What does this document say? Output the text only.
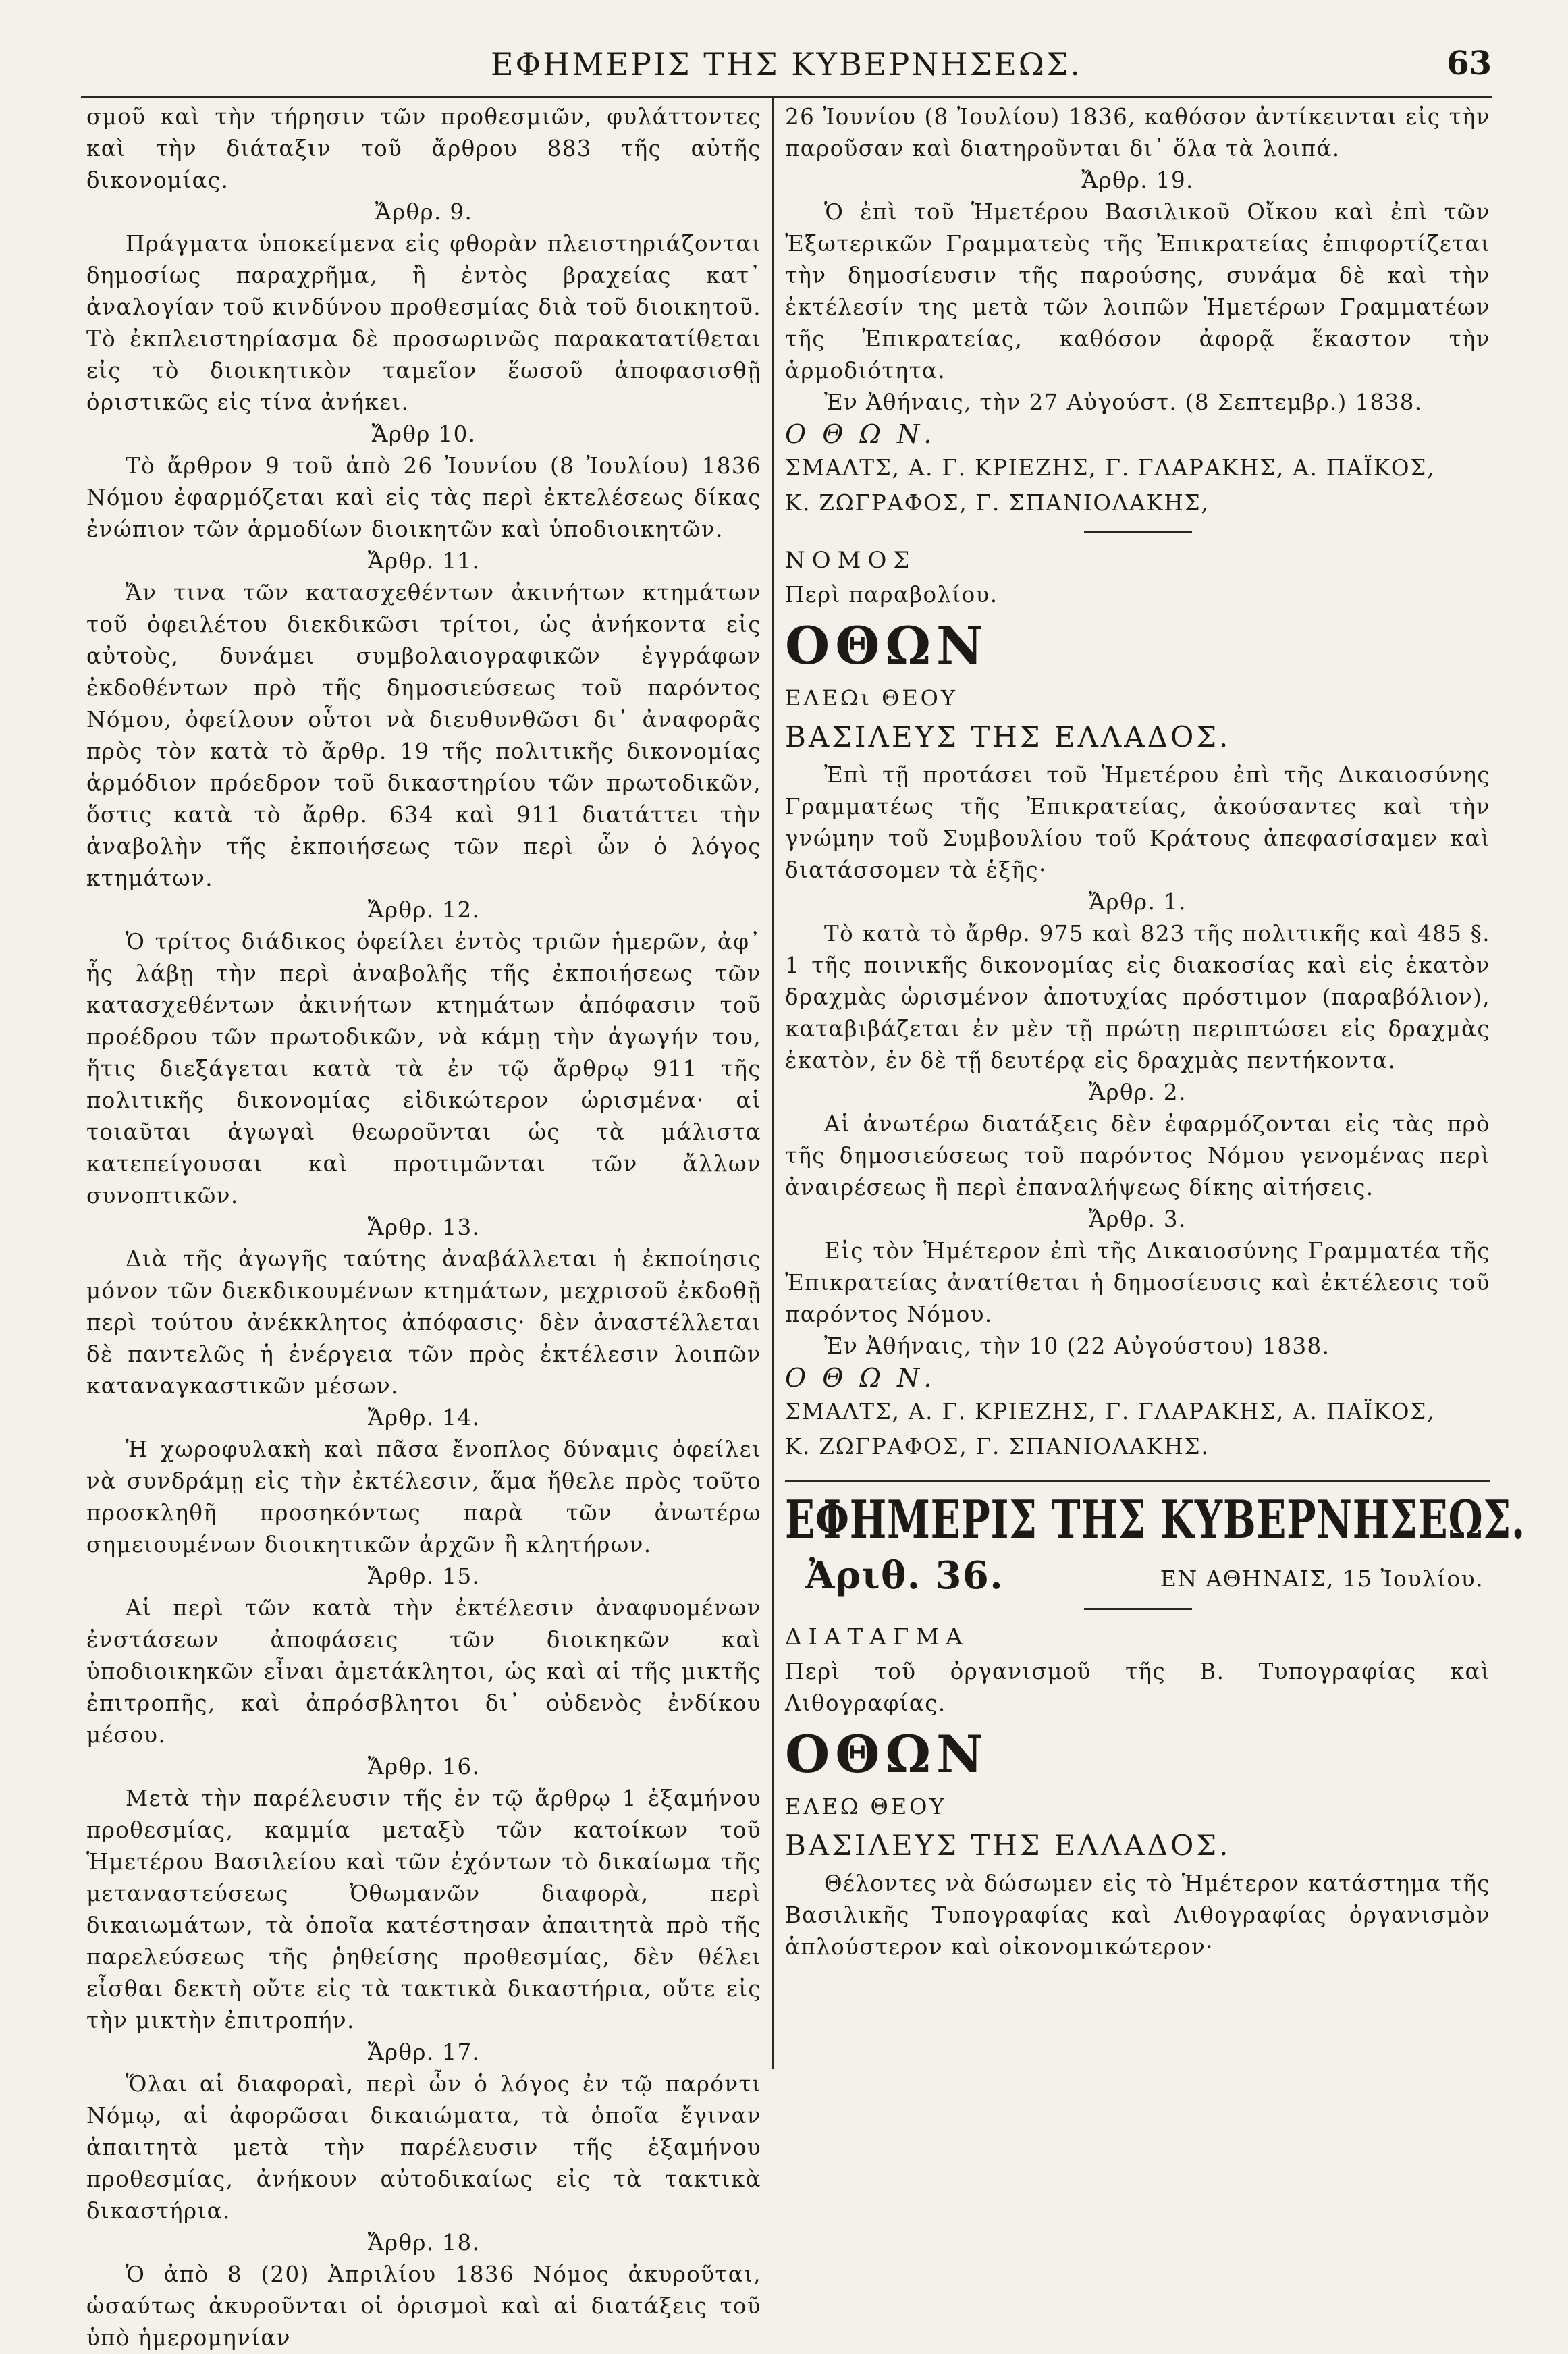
ΕΦΗΜΕΡΙΣ ΤΗΣ ΚΥΒΕΡΝΗΣΕΩΣ.	63

σμοῦ καὶ τὴν τήρησιν τῶν προθεσμιῶν, φυλάττοντες καὶ τὴν διάταξιν τοῦ ἄρθρου 883 τῆς αὐτῆς δικονομίας.

Ἄρθρ. 9.

Πράγματα ὑποκείμενα εἰς φθορὰν πλειστηριάζονται δημοσίως παραχρῆμα, ἢ ἐντὸς βραχείας κατ᾿ ἀναλογίαν τοῦ κινδύνου προθεσμίας διὰ τοῦ διοικητοῦ. Τὸ ἐκπλειστηρίασμα δὲ προσωρινῶς παρακατατίθεται εἰς τὸ διοικητικὸν ταμεῖον ἕωσοῦ ἀποφασισθῇ ὁριστικῶς εἰς τίνα ἀνήκει.

Ἄρθρ 10.

Τὸ ἄρθρον 9 τοῦ ἀπὸ 26 Ἰουνίου (8 Ἰουλίου) 1836 Νόμου ἐφαρμόζεται καὶ εἰς τὰς περὶ ἐκτελέσεως δίκας ἐνώπιον τῶν ἁρμοδίων διοικητῶν καὶ ὑποδιοικητῶν.

Ἄρθρ. 11.

Ἄν τινα τῶν κατασχεθέντων ἀκινήτων κτημάτων τοῦ ὀφειλέτου διεκδικῶσι τρίτοι, ὡς ἀνήκοντα εἰς αὐτοὺς, δυνάμει συμβολαιογραφικῶν ἐγγράφων ἐκδοθέντων πρὸ τῆς δημοσιεύσεως τοῦ παρόντος Νόμου, ὀφείλουν οὗτοι νὰ διευθυνθῶσι δι᾿ ἀναφορᾶς πρὸς τὸν κατὰ τὸ ἄρθρ. 19 τῆς πολιτικῆς δικονομίας ἁρμόδιον πρόεδρον τοῦ δικαστηρίου τῶν πρωτοδικῶν, ὅστις κατὰ τὸ ἄρθρ. 634 καὶ 911 διατάττει τὴν ἀναβολὴν τῆς ἐκποιήσεως τῶν περὶ ὧν ὁ λόγος κτημάτων.

Ἄρθρ. 12.

Ὁ τρίτος διάδικος ὀφείλει ἐντὸς τριῶν ἡμερῶν, ἀφ᾿ ἧς λάβῃ τὴν περὶ ἀναβολῆς τῆς ἐκποιήσεως τῶν κατασχεθέντων ἀκινήτων κτημάτων ἀπόφασιν τοῦ προέδρου τῶν πρωτοδικῶν, νὰ κάμῃ τὴν ἀγωγήν του, ἥτις διεξάγεται κατὰ τὰ ἐν τῷ ἄρθρῳ 911 τῆς πολιτικῆς δικονομίας εἰδικώτερον ὡρισμένα· αἱ τοιαῦται ἀγωγαὶ θεωροῦνται ὡς τὰ μάλιστα κατεπείγουσαι καὶ προτιμῶνται τῶν ἄλλων συνοπτικῶν.

Ἄρθρ. 13.

Διὰ τῆς ἀγωγῆς ταύτης ἀναβάλλεται ἡ ἐκποίησις μόνον τῶν διεκδικουμένων κτημάτων, μεχρισοῦ ἐκδοθῇ περὶ τούτου ἀνέκκλητος ἀπόφασις· δὲν ἀναστέλλεται δὲ παντελῶς ἡ ἐνέργεια τῶν πρὸς ἐκτέλεσιν λοιπῶν καταναγκαστικῶν μέσων.

Ἄρθρ. 14.

Ἡ χωροφυλακὴ καὶ πᾶσα ἔνοπλος δύναμις ὀφείλει νὰ συνδράμῃ εἰς τὴν ἐκτέλεσιν, ἅμα ἤθελε πρὸς τοῦτο προσκληθῆ προσηκόντως παρὰ τῶν ἀνωτέρω σημειουμένων διοικητικῶν ἀρχῶν ἢ κλητήρων.

Ἄρθρ. 15.

Αἱ περὶ τῶν κατὰ τὴν ἐκτέλεσιν ἀναφυομένων ἐνστάσεων ἀποφάσεις τῶν διοικηκῶν καὶ ὑποδιοικηκῶν εἶναι ἀμετάκλητοι, ὡς καὶ αἱ τῆς μικτῆς ἐπιτροπῆς, καὶ ἀπρόσβλητοι δι᾿ οὐδενὸς ἐνδίκου μέσου.

Ἄρθρ. 16.

Μετὰ τὴν παρέλευσιν τῆς ἐν τῷ ἄρθρῳ 1 ἑξαμήνου προθεσμίας, καμμία μεταξὺ τῶν κατοίκων τοῦ Ἡμετέρου Βασιλείου καὶ τῶν ἐχόντων τὸ δικαίωμα τῆς μεταναστεύσεως Ὀθωμανῶν διαφορὰ, περὶ δικαιωμάτων, τὰ ὁποῖα κατέστησαν ἀπαιτητὰ πρὸ τῆς παρελεύσεως τῆς ῥηθείσης προθεσμίας, δὲν θέλει εἶσθαι δεκτὴ οὔτε εἰς τὰ τακτικὰ δικαστήρια, οὔτε εἰς τὴν μικτὴν ἐπιτροπήν.

Ἄρθρ. 17.

Ὅλαι αἱ διαφοραὶ, περὶ ὧν ὁ λόγος ἐν τῷ παρόντι Νόμῳ, αἱ ἀφορῶσαι δικαιώματα, τὰ ὁποῖα ἔγιναν ἀπαιτητὰ μετὰ τὴν παρέλευσιν τῆς ἑξαμήνου προθεσμίας, ἀνήκουν αὐτοδικαίως εἰς τὰ τακτικὰ δικαστήρια.

Ἄρθρ. 18.

Ὁ ἀπὸ 8 (20) Ἀπριλίου 1836 Νόμος ἀκυροῦται, ὡσαύτως ἀκυροῦνται οἱ ὁρισμοὶ καὶ αἱ διατάξεις τοῦ ὑπὸ ἡμερομηνίαν

26 Ἰουνίου (8 Ἰουλίου) 1836, καθόσον ἀντίκεινται εἰς τὴν παροῦσαν καὶ διατηροῦνται δι᾿ ὅλα τὰ λοιπά.

Ἄρθρ. 19.

Ὁ ἐπὶ τοῦ Ἡμετέρου Βασιλικοῦ Οἴκου καὶ ἐπὶ τῶν Ἐξωτερικῶν Γραμματεὺς τῆς Ἐπικρατείας ἐπιφορτίζεται τὴν δημοσίευσιν τῆς παρούσης, συνάμα δὲ καὶ τὴν ἐκτέλεσίν της μετὰ τῶν λοιπῶν Ἡμετέρων Γραμματέων τῆς Ἐπικρατείας, καθόσον ἀφορᾷ ἕκαστον τὴν ἁρμοδιότητα.

Ἐν Ἀθήναις, τὴν 27 Αὐγούστ. (8 Σεπτεμβρ.) 1838.

Ο Θ Ω Ν.

ΣΜΑΛΤΣ, Α. Γ. ΚΡΙΕΖΗΣ, Γ. ΓΛΑΡΑΚΗΣ, Α. ΠΑΪΚΟΣ,

Κ. ΖΩΓΡΑΦΟΣ, Γ. ΣΠΑΝΙΟΛΑΚΗΣ,

ΝΟΜΟΣ

Περὶ παραβολίου.

ΟΘΩΝ

ΕΛΕΩι ΘΕΟΥ

ΒΑΣΙΛΕΥΣ ΤΗΣ ΕΛΛΑΔΟΣ.

Ἐπὶ τῇ προτάσει τοῦ Ἡμετέρου ἐπὶ τῆς Δικαιοσύνης Γραμματέως τῆς Ἐπικρατείας, ἀκούσαντες καὶ τὴν γνώμην τοῦ Συμβουλίου τοῦ Κράτους ἀπεφασίσαμεν καὶ διατάσσομεν τὰ ἑξῆς·

Ἄρθρ. 1.

Τὸ κατὰ τὸ ἄρθρ. 975 καὶ 823 τῆς πολιτικῆς καὶ 485 §. 1 τῆς ποινικῆς δικονομίας εἰς διακοσίας καὶ εἰς ἑκατὸν δραχμὰς ὡρισμένον ἀποτυχίας πρόστιμον (παραβόλιον), καταβιβάζεται ἐν μὲν τῇ πρώτῃ περιπτώσει εἰς δραχμὰς ἑκατὸν, ἐν δὲ τῇ δευτέρᾳ εἰς δραχμὰς πεντήκοντα.

Ἄρθρ. 2.

Αἱ ἀνωτέρω διατάξεις δὲν ἐφαρμόζονται εἰς τὰς πρὸ τῆς δημοσιεύσεως τοῦ παρόντος Νόμου γενομένας περὶ ἀναιρέσεως ἢ περὶ ἐπαναλήψεως δίκης αἰτήσεις.

Ἄρθρ. 3.

Εἰς τὸν Ἡμέτερον ἐπὶ τῆς Δικαιοσύνης Γραμματέα τῆς Ἐπικρατείας ἀνατίθεται ἡ δημοσίευσις καὶ ἐκτέλεσις τοῦ παρόντος Νόμου.

Ἐν Ἀθήναις, τὴν 10 (22 Αὐγούστου) 1838.

Ο Θ Ω Ν.

ΣΜΑΛΤΣ, Α. Γ. ΚΡΙΕΖΗΣ, Γ. ΓΛΑΡΑΚΗΣ, Α. ΠΑΪΚΟΣ,

Κ. ΖΩΓΡΑΦΟΣ, Γ. ΣΠΑΝΙΟΛΑΚΗΣ.

ΕΦΗΜΕΡΙΣ ΤΗΣ ΚΥΒΕΡΝΗΣΕΩΣ.
Ἀριθ. 36.	ΕΝ ΑΘΗΝΑΙΣ, 15 Ἰουλίου.

ΔΙΑΤΑΓΜΑ

Περὶ τοῦ ὀργανισμοῦ τῆς Β. Τυπογραφίας καὶ Λιθογραφίας.

ΟΘΩΝ

ΕΛΕΩ ΘΕΟΥ

ΒΑΣΙΛΕΥΣ ΤΗΣ ΕΛΛΑΔΟΣ.

Θέλοντες νὰ δώσωμεν εἰς τὸ Ἡμέτερον κατάστημα τῆς Βασιλικῆς Τυπογραφίας καὶ Λιθογραφίας ὀργανισμὸν ἁπλούστερον καὶ οἰκονομικώτερον·
